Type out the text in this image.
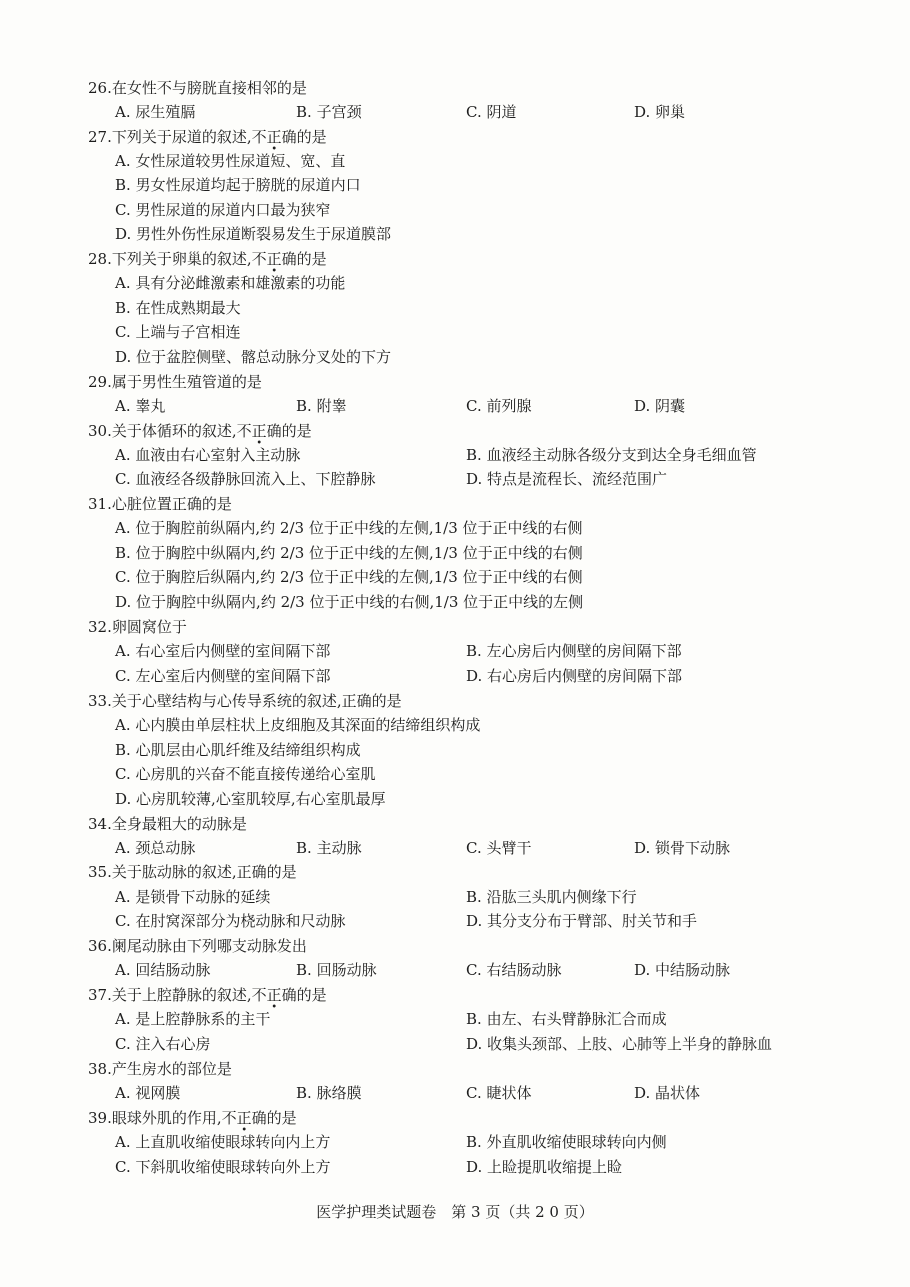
26.在女性不与膀胱直接相邻的是
A. 尿生殖膈	B. 子宫颈	C. 阴道	D. 卵巢
27.下列关于尿道的叙述,不正确的是
A. 女性尿道较男性尿道短、宽、直
B. 男女性尿道均起于膀胱的尿道内口
C. 男性尿道的尿道内口最为狭窄
D. 男性外伤性尿道断裂易发生于尿道膜部
28.下列关于卵巢的叙述,不正确的是
A. 具有分泌雌激素和雄激素的功能
B. 在性成熟期最大
C. 上端与子宫相连
D. 位于盆腔侧壁、髂总动脉分叉处的下方
29.属于男性生殖管道的是
A. 睾丸	B. 附睾	C. 前列腺	D. 阴囊
30.关于体循环的叙述,不正确的是
A. 血液由右心室射入主动脉	B. 血液经主动脉各级分支到达全身毛细血管
C. 血液经各级静脉回流入上、下腔静脉	D. 特点是流程长、流经范围广
31.心脏位置正确的是
A. 位于胸腔前纵隔内,约 2/3 位于正中线的左侧,1/3 位于正中线的右侧
B. 位于胸腔中纵隔内,约 2/3 位于正中线的左侧,1/3 位于正中线的右侧
C. 位于胸腔后纵隔内,约 2/3 位于正中线的左侧,1/3 位于正中线的右侧
D. 位于胸腔中纵隔内,约 2/3 位于正中线的右侧,1/3 位于正中线的左侧
32.卵圆窝位于
A. 右心室后内侧壁的室间隔下部	B. 左心房后内侧壁的房间隔下部
C. 左心室后内侧壁的室间隔下部	D. 右心房后内侧壁的房间隔下部
33.关于心壁结构与心传导系统的叙述,正确的是
A. 心内膜由单层柱状上皮细胞及其深面的结缔组织构成
B. 心肌层由心肌纤维及结缔组织构成
C. 心房肌的兴奋不能直接传递给心室肌
D. 心房肌较薄,心室肌较厚,右心室肌最厚
34.全身最粗大的动脉是
A. 颈总动脉	B. 主动脉	C. 头臂干	D. 锁骨下动脉
35.关于肱动脉的叙述,正确的是
A. 是锁骨下动脉的延续	B. 沿肱三头肌内侧缘下行
C. 在肘窝深部分为桡动脉和尺动脉	D. 其分支分布于臂部、肘关节和手
36.阑尾动脉由下列哪支动脉发出
A. 回结肠动脉	B. 回肠动脉	C. 右结肠动脉	D. 中结肠动脉
37.关于上腔静脉的叙述,不正确的是
A. 是上腔静脉系的主干	B. 由左、右头臂静脉汇合而成
C. 注入右心房	D. 收集头颈部、上肢、心肺等上半身的静脉血
38.产生房水的部位是
A. 视网膜	B. 脉络膜	C. 睫状体	D. 晶状体
39.眼球外肌的作用,不正确的是
A. 上直肌收缩使眼球转向内上方	B. 外直肌收缩使眼球转向内侧
C. 下斜肌收缩使眼球转向外上方	D. 上睑提肌收缩提上睑
医学护理类试题卷　第 3 页（共 2 0 页）
